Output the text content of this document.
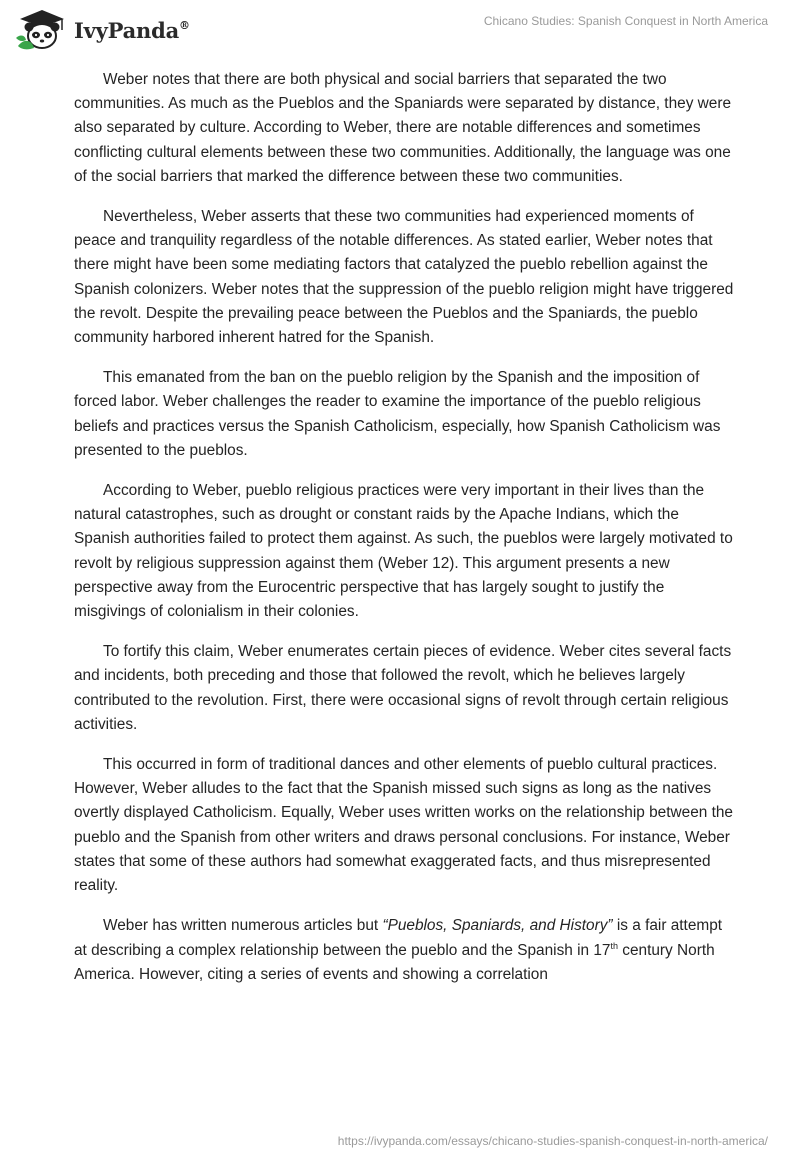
IvyPanda®	Chicano Studies: Spanish Conquest in North America

Weber notes that there are both physical and social barriers that separated the two communities. As much as the Pueblos and the Spaniards were separated by distance, they were also separated by culture. According to Weber, there are notable differences and sometimes conflicting cultural elements between these two communities. Additionally, the language was one of the social barriers that marked the difference between these two communities.

Nevertheless, Weber asserts that these two communities had experienced moments of peace and tranquility regardless of the notable differences. As stated earlier, Weber notes that there might have been some mediating factors that catalyzed the pueblo rebellion against the Spanish colonizers. Weber notes that the suppression of the pueblo religion might have triggered the revolt. Despite the prevailing peace between the Pueblos and the Spaniards, the pueblo community harbored inherent hatred for the Spanish.

This emanated from the ban on the pueblo religion by the Spanish and the imposition of forced labor. Weber challenges the reader to examine the importance of the pueblo religious beliefs and practices versus the Spanish Catholicism, especially, how Spanish Catholicism was presented to the pueblos.

According to Weber, pueblo religious practices were very important in their lives than the natural catastrophes, such as drought or constant raids by the Apache Indians, which the Spanish authorities failed to protect them against. As such, the pueblos were largely motivated to revolt by religious suppression against them (Weber 12). This argument presents a new perspective away from the Eurocentric perspective that has largely sought to justify the misgivings of colonialism in their colonies.

To fortify this claim, Weber enumerates certain pieces of evidence. Weber cites several facts and incidents, both preceding and those that followed the revolt, which he believes largely contributed to the revolution. First, there were occasional signs of revolt through certain religious activities.

This occurred in form of traditional dances and other elements of pueblo cultural practices. However, Weber alludes to the fact that the Spanish missed such signs as long as the natives overtly displayed Catholicism. Equally, Weber uses written works on the relationship between the pueblo and the Spanish from other writers and draws personal conclusions. For instance, Weber states that some of these authors had somewhat exaggerated facts, and thus misrepresented reality.

Weber has written numerous articles but “Pueblos, Spaniards, and History” is a fair attempt at describing a complex relationship between the pueblo and the Spanish in 17th century North America. However, citing a series of events and showing a correlation

https://ivypanda.com/essays/chicano-studies-spanish-conquest-in-north-america/
